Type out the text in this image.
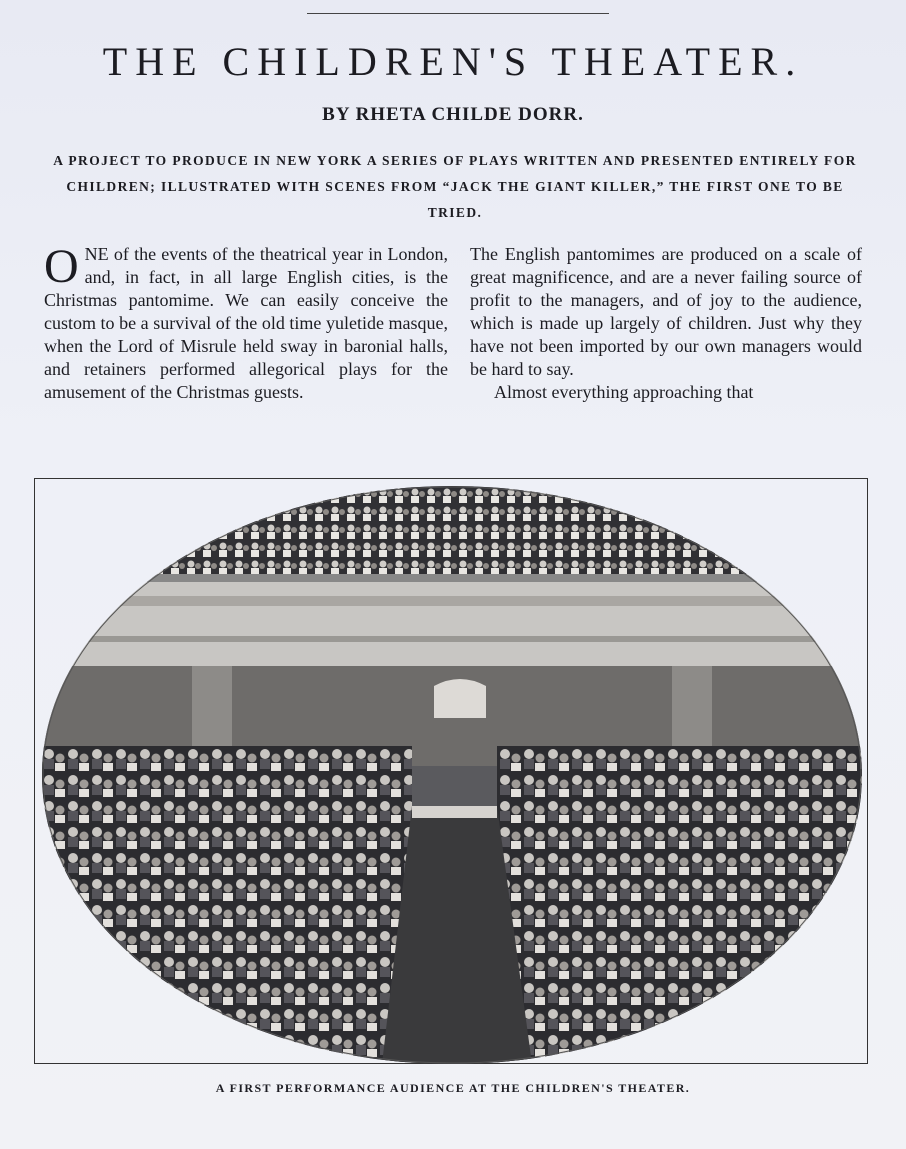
THE CHILDREN'S THEATER.
BY RHETA CHILDE DORR.
A PROJECT TO PRODUCE IN NEW YORK A SERIES OF PLAYS WRITTEN AND PRESENTED ENTIRELY FOR CHILDREN; ILLUSTRATED WITH SCENES FROM “JACK THE GIANT KILLER,” THE FIRST ONE TO BE TRIED.

ONE of the events of the theatrical year in London, and, in fact, in all large English cities, is the Christmas pantomime. We can easily conceive the custom to be a survival of the old time yuletide masque, when the Lord of Misrule held sway in baronial halls, and retainers performed allegorical plays for the amusement of the Christmas guests.

The English pantomimes are produced on a scale of great magnificence, and are a never failing source of profit to the managers, and of joy to the audience, which is made up largely of children. Just why they have not been imported by our own managers would be hard to say.

Almost everything approaching that

A FIRST PERFORMANCE AUDIENCE AT THE CHILDREN'S THEATER.
